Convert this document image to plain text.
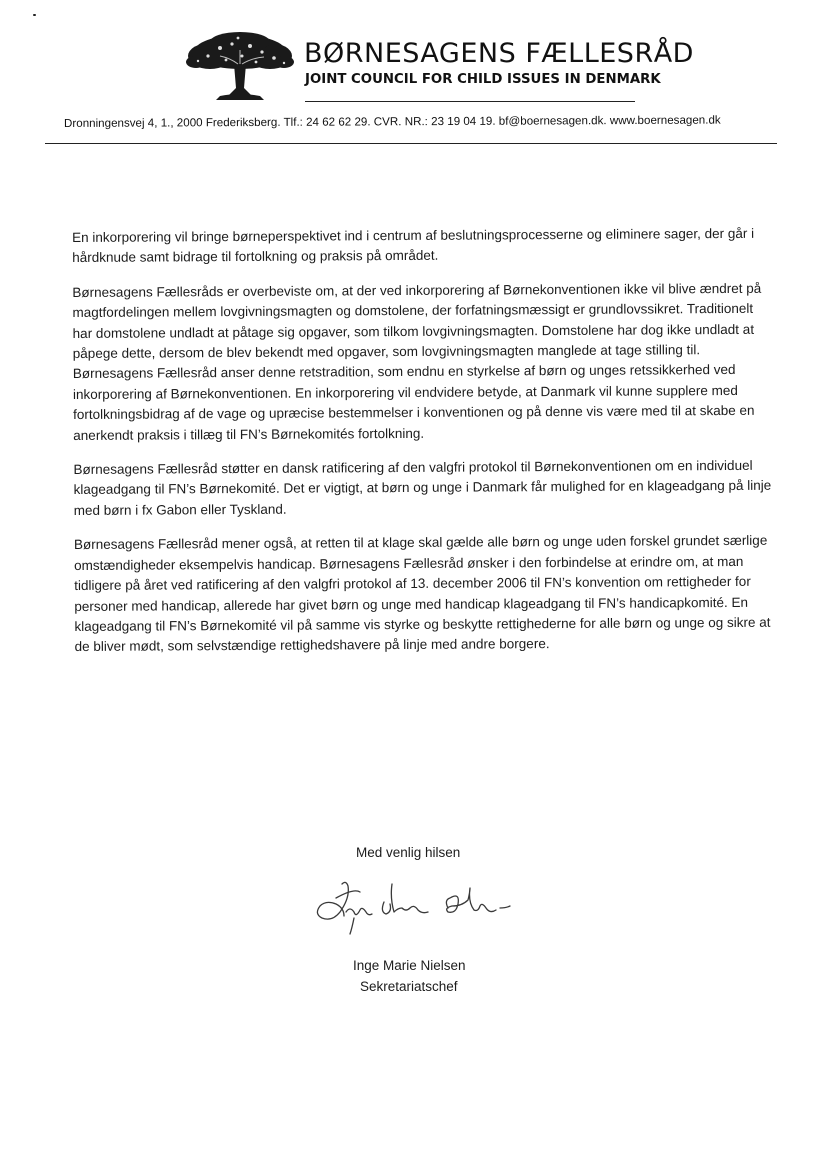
BØRNESAGENS FÆLLESRÅD
JOINT COUNCIL FOR CHILD ISSUES IN DENMARK
Dronningensvej 4, 1., 2000 Frederiksberg. Tlf.: 24 62 62 29. CVR. NR.: 23 19 04 19. bf@boernesagen.dk. www.boernesagen.dk

En inkorporering vil bringe børneperspektivet ind i centrum af beslutningsprocesserne og eliminere sager, der går i hårdknude samt bidrage til fortolkning og praksis på området.

Børnesagens Fællesråds er overbeviste om, at der ved inkorporering af Børnekonventionen ikke vil blive ændret på magtfordelingen mellem lovgivningsmagten og domstolene, der forfatningsmæssigt er grundlovssikret. Traditionelt har domstolene undladt at påtage sig opgaver, som tilkom lovgivningsmagten. Domstolene har dog ikke undladt at påpege dette, dersom de blev bekendt med opgaver, som lovgivningsmagten manglede at tage stilling til. Børnesagens Fællesråd anser denne retstradition, som endnu en styrkelse af børn og unges retssikkerhed ved inkorporering af Børnekonventionen. En inkorporering vil endvidere betyde, at Danmark vil kunne supplere med fortolkningsbidrag af de vage og upræcise bestemmelser i konventionen og på denne vis være med til at skabe en anerkendt praksis i tillæg til FN’s Børnekomités fortolkning.

Børnesagens Fællesråd støtter en dansk ratificering af den valgfri protokol til Børnekonventionen om en individuel klageadgang til FN’s Børnekomité. Det er vigtigt, at børn og unge i Danmark får mulighed for en klageadgang på linje med børn i fx Gabon eller Tyskland.

Børnesagens Fællesråd mener også, at retten til at klage skal gælde alle børn og unge uden forskel grundet særlige omstændigheder eksempelvis handicap. Børnesagens Fællesråd ønsker i den forbindelse at erindre om, at man tidligere på året ved ratificering af den valgfri protokol af 13. december 2006 til FN’s konvention om rettigheder for personer med handicap, allerede har givet børn og unge med handicap klageadgang til FN’s handicapkomité. En klageadgang til FN’s Børnekomité vil på samme vis styrke og beskytte rettighederne for alle børn og unge og sikre at de bliver mødt, som selvstændige rettighedshavere på linje med andre borgere.

Med venlig hilsen
Inge Marie Nielsen
Sekretariatschef
